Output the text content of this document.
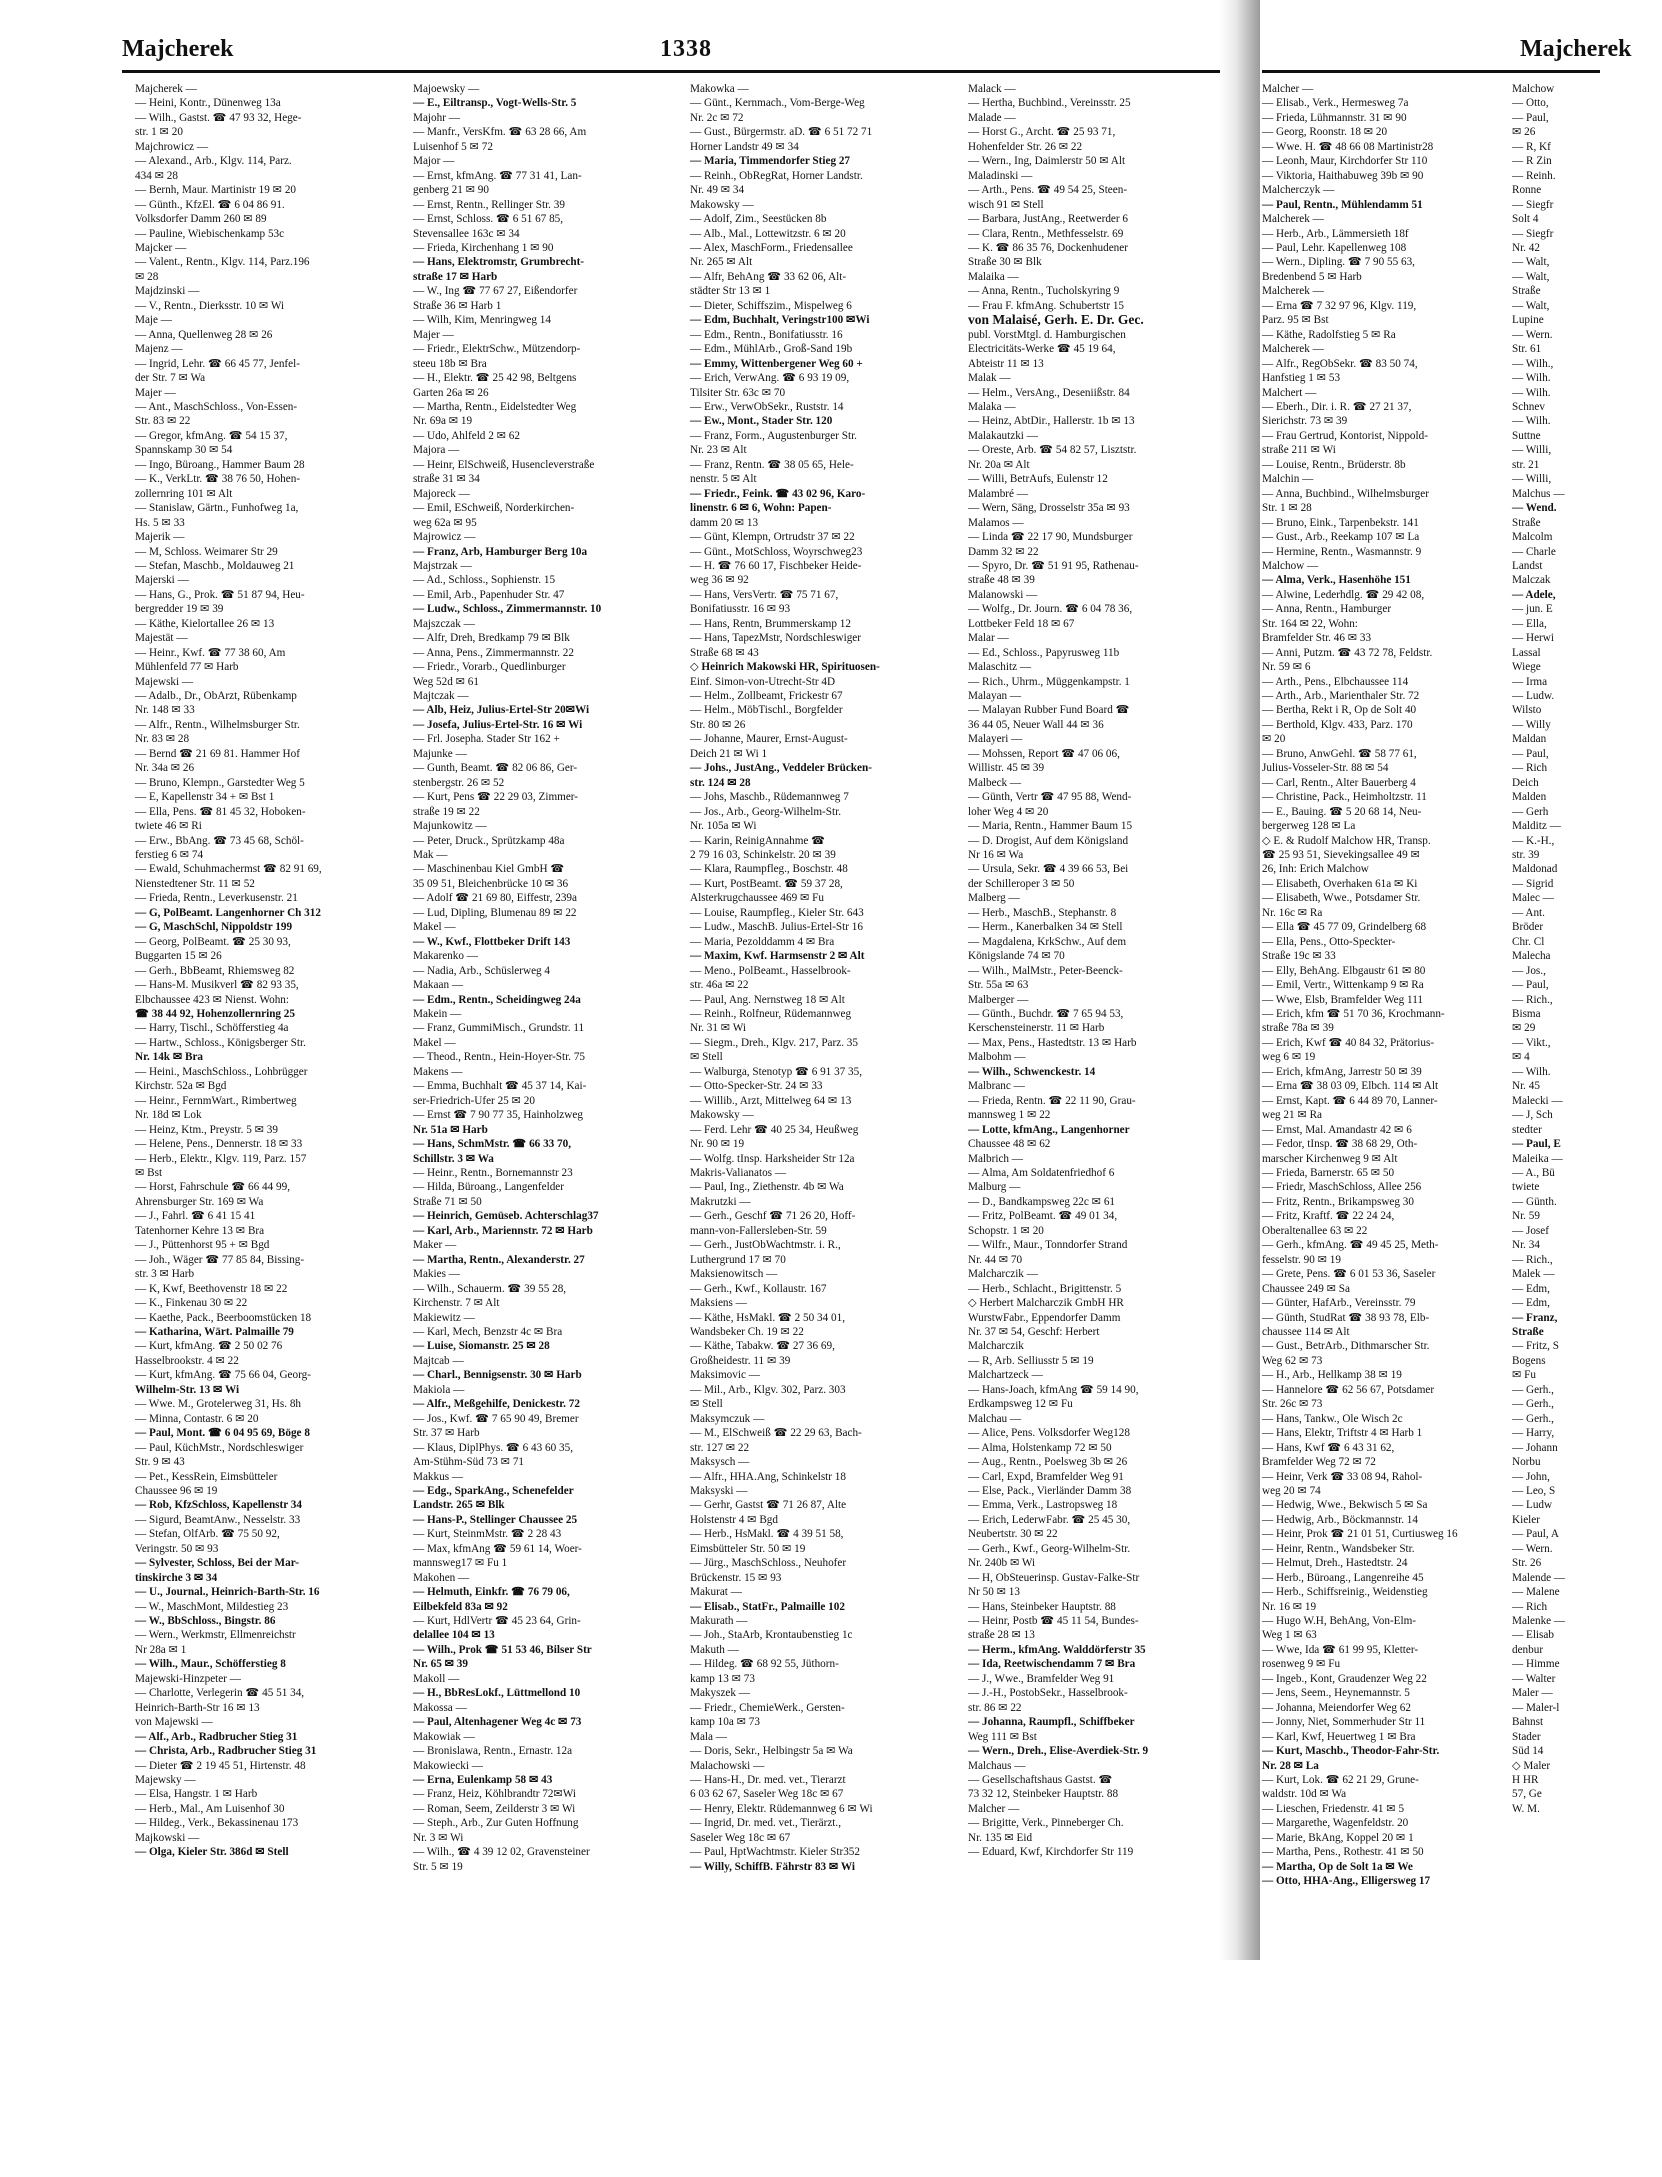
Majcherek	1338
Majcherek —
— Heini, Kontr., Dünenweg 13a
— Wilh., Gastst. ☎ 47 93 32, Hege-
str. 1 ✉ 20
Majchrowicz —
— Alexand., Arb., Klgv. 114, Parz.
434 ✉ 28
— Bernh, Maur. Martinistr 19 ✉ 20
— Günth., KfzEl. ☎ 6 04 86 91.
Volksdorfer Damm 260 ✉ 89
— Pauline, Wiebischenkamp 53c
Majcker —
— Valent., Rentn., Klgv. 114, Parz.196
✉ 28
Majdzinski —
— V., Rentn., Dierksstr. 10 ✉ Wi
Maje —
— Anna, Quellenweg 28 ✉ 26
Majenz —
— Ingrid, Lehr. ☎ 66 45 77, Jenfel-
der Str. 7 ✉ Wa
Majer —
— Ant., MaschSchloss., Von-Essen-
Str. 83 ✉ 22
— Gregor, kfmAng. ☎ 54 15 37,
Spannskamp 30 ✉ 54
— Ingo, Büroang., Hammer Baum 28
— K., VerkLtr. ☎ 38 76 50, Hohen-
zollernring 101 ✉ Alt
— Stanislaw, Gärtn., Funhofweg 1a,
Hs. 5 ✉ 33
Majerik —
— M, Schloss. Weimarer Str 29
— Stefan, Maschb., Moldauweg 21
Majerski —
— Hans, G., Prok. ☎ 51 87 94, Heu-
bergredder 19 ✉ 39
— Käthe, Kielortallee 26 ✉ 13
Majestät —
— Heinr., Kwf. ☎ 77 38 60, Am
Mühlenfeld 77 ✉ Harb
Majewski —
— Adalb., Dr., ObArzt, Rübenkamp
Nr. 148 ✉ 33
— Alfr., Rentn., Wilhelmsburger Str.
Nr. 83 ✉ 28
— Bernd ☎ 21 69 81. Hammer Hof
Nr. 34a ✉ 26
— Bruno, Klempn., Garstedter Weg 5
— E, Kapellenstr 34 + ✉ Bst 1
— Ella, Pens. ☎ 81 45 32, Hoboken-
twiete 46 ✉ Ri
— Erw., BbAng. ☎ 73 45 68, Schöl-
ferstieg 6 ✉ 74
— Ewald, Schuhmachermst ☎ 82 91 69,
Nienstedtener Str. 11 ✉ 52
— Frieda, Rentn., Leverkusenstr. 21
— G, PolBeamt. Langenhorner Ch 312
— G, MaschSchl, Nippoldstr 199
— Georg, PolBeamt. ☎ 25 30 93,
Buggarten 15 ✉ 26
— Gerh., BbBeamt, Rhiemsweg 82
— Hans-M. Musikverl ☎ 82 93 35,
Elbchaussee 423 ✉ Nienst. Wohn:
☎ 38 44 92, Hohenzollernring 25
— Harry, Tischl., Schöfferstieg 4a
— Hartw., Schloss., Königsberger Str.
Nr. 14k ✉ Bra
— Heini., MaschSchloss., Lohbrügger
Kirchstr. 52a ✉ Bgd
— Heinr., FernmWart., Rimbertweg
Nr. 18d ✉ Lok
— Heinz, Ktm., Preystr. 5 ✉ 39
— Helene, Pens., Dennerstr. 18 ✉ 33
— Herb., Elektr., Klgv. 119, Parz. 157
✉ Bst
— Horst, Fahrschule ☎ 66 44 99,
Ahrensburger Str. 169 ✉ Wa
— J., Fahrl. ☎ 6 41 15 41
Tatenhorner Kehre 13 ✉ Bra
— J., Püttenhorst 95 + ✉ Bgd
— Joh., Wäger ☎ 77 85 84, Bissing-
str. 3 ✉ Harb
— K, Kwf, Beethovenstr 18 ✉ 22
— K., Finkenau 30 ✉ 22
— Kaethe, Pack., Beerboomstücken 18
— Katharina, Wärt. Palmaille 79
— Kurt, kfmAng. ☎ 2 50 02 76
Hasselbrookstr. 4 ✉ 22
— Kurt, kfmAng. ☎ 75 66 04, Georg-
Wilhelm-Str. 13 ✉ Wi
— Wwe. M., Grotelerweg 31, Hs. 8h
— Minna, Contastr. 6 ✉ 20
— Paul, Mont. ☎ 6 04 95 69, Böge 8
— Paul, KüchMstr., Nordschleswiger
Str. 9 ✉ 43
— Pet., KessRein, Eimsbütteler
Chaussee 96 ✉ 19
— Rob, KfzSchloss, Kapellenstr 34
— Sigurd, BeamtAnw., Nesselstr. 33
— Stefan, OlfArb. ☎ 75 50 92,
Veringstr. 50 ✉ 93
— Sylvester, Schloss, Bei der Mar-
tinskirche 3 ✉ 34
— U., Journal., Heinrich-Barth-Str. 16
— W., MaschMont, Mildestieg 23
— W., BbSchloss., Bingstr. 86
— Wern., Werkmstr, Ellmenreichstr
Nr 28a ✉ 1
— Wilh., Maur., Schöfferstieg 8
Majewski-Hinzpeter —
— Charlotte, Verlegerin ☎ 45 51 34,
Heinrich-Barth-Str 16 ✉ 13
von Majewski —
— Alf., Arb., Radbrucher Stieg 31
— Christa, Arb., Radbrucher Stieg 31
— Dieter ☎ 2 19 45 51, Hirtenstr. 48
Majewsky —
— Elsa, Hangstr. 1 ✉ Harb
— Herb., Mal., Am Luisenhof 30
— Hildeg., Verk., Bekassinenau 173
Majkowski —
— Olga, Kieler Str. 386d ✉ Stell
Majoewsky —
— E., Eiltransp., Vogt-Wells-Str. 5
Majohr —
— Manfr., VersKfm. ☎ 63 28 66, Am
Luisenhof 5 ✉ 72
Major —
— Ernst, kfmAng. ☎ 77 31 41, Lan-
genberg 21 ✉ 90
— Ernst, Rentn., Rellinger Str. 39
— Ernst, Schloss. ☎ 6 51 67 85,
Stevensallee 163c ✉ 34
— Frieda, Kirchenhang 1 ✉ 90
— Hans, Elektromstr, Grumbrecht-
straße 17 ✉ Harb
— W., Ing ☎ 77 67 27, Eißendorfer
Straße 36 ✉ Harb 1
— Wilh, Kim, Menringweg 14
Majer —
— Friedr., ElektrSchw., Mützendorp-
steeu 18b ✉ Bra
— H., Elektr. ☎ 25 42 98, Beltgens
Garten 26a ✉ 26
— Martha, Rentn., Eidelstedter Weg
Nr. 69a ✉ 19
— Udo, Ahlfeld 2 ✉ 62
Majora —
— Heinr, ElSchweiß, Husencleverstraße
straße 31 ✉ 34
Majoreck —
— Emil, ESchweiß, Norderkirchen-
weg 62a ✉ 95
Majrowicz —
— Franz, Arb, Hamburger Berg 10a
Majstrzak —
— Ad., Schloss., Sophienstr. 15
— Emil, Arb., Papenhuder Str. 47
— Ludw., Schloss., Zimmermannstr. 10
Majszczak —
— Alfr, Dreh, Bredkamp 79 ✉ Blk
— Anna, Pens., Zimmermannstr. 22
— Friedr., Vorarb., Quedlinburger
Weg 52d ✉ 61
Majtczak —
— Alb, Heiz, Julius-Ertel-Str 20✉Wi
— Josefa, Julius-Ertel-Str. 16 ✉ Wi
— Frl. Josepha. Stader Str 162 +
Majunke —
— Gunth, Beamt. ☎ 82 06 86, Ger-
stenbergstr. 26 ✉ 52
— Kurt, Pens ☎ 22 29 03, Zimmer-
straße 19 ✉ 22
Majunkowitz —
— Peter, Druck., Sprützkamp 48a
Mak —
— Maschinenbau Kiel GmbH ☎
35 09 51, Bleichenbrücke 10 ✉ 36
— Adolf ☎ 21 69 80, Eiffestr, 239a
— Lud, Dipling, Blumenau 89 ✉ 22
Makel —
— W., Kwf., Flottbeker Drift 143
Makarenko —
— Nadia, Arb., Schüslerweg 4
Makaan —
— Edm., Rentn., Scheidingweg 24a
Makein —
— Franz, GummiMisch., Grundstr. 11
Makel —
— Theod., Rentn., Hein-Hoyer-Str. 75
Makens —
— Emma, Buchhalt ☎ 45 37 14, Kai-
ser-Friedrich-Ufer 25 ✉ 20
— Ernst ☎ 7 90 77 35, Hainholzweg
Nr. 51a ✉ Harb
— Hans, SchmMstr. ☎ 66 33 70,
Schillstr. 3 ✉ Wa
— Heinr., Rentn., Bornemannstr 23
— Hilda, Büroang., Langenfelder
Straße 71 ✉ 50
— Heinrich, Gemüseb. Achterschlag37
— Karl, Arb., Mariennstr. 72 ✉ Harb
Maker —
— Martha, Rentn., Alexanderstr. 27
Makies —
— Wilh., Schauerm. ☎ 39 55 28,
Kirchenstr. 7 ✉ Alt
Makiewitz —
— Karl, Mech, Benzstr 4c ✉ Bra
— Luise, Siomanstr. 25 ✉ 28
Majtcab —
— Charl., Bennigsenstr. 30 ✉ Harb
Makiola —
— Alfr., Meßgehilfe, Denickestr. 72
— Jos., Kwf. ☎ 7 65 90 49, Bremer
Str. 37 ✉ Harb
— Klaus, DiplPhys. ☎ 6 43 60 35,
Am-Stühm-Süd 73 ✉ 71
Makkus —
— Edg., SparkAng., Schenefelder
Landstr. 265 ✉ Blk
— Hans-P., Stellinger Chaussee 25
— Kurt, SteinmMstr. ☎ 2 28 43
— Max, kfmAng ☎ 59 61 14, Woer-
mannsweg17 ✉ Fu 1
Makohen —
— Helmuth, Einkfr. ☎ 76 79 06,
Eilbekfeld 83a ✉ 92
— Kurt, HdlVertr ☎ 45 23 64, Grin-
delallee 104 ✉ 13
— Wilh., Prok ☎ 51 53 46, Bilser Str
Nr. 65 ✉ 39
Makoll —
— H., BbResLokf., Lüttmellond 10
Makossa —
— Paul, Altenhagener Weg 4c ✉ 73
Makowiak —
— Bronislawa, Rentn., Ernastr. 12a
Makowiecki —
— Erna, Eulenkamp 58 ✉ 43
— Franz, Heiz, Köhlbrandtr 72✉Wi
— Roman, Seem, Zeilderstr 3 ✉ Wi
— Steph., Arb., Zur Guten Hoffnung
Nr. 3 ✉ Wi
— Wilh., ☎ 4 39 12 02, Gravensteiner
Str. 5 ✉ 19
Makowka —
— Günt., Kernmach., Vom-Berge-Weg
Nr. 2c ✉ 72
— Gust., Bürgermstr. aD. ☎ 6 51 72 71
Horner Landstr 49 ✉ 34
— Maria, Timmendorfer Stieg 27
— Reinh., ObRegRat, Horner Landstr.
Nr. 49 ✉ 34
Makowsky —
— Adolf, Zim., Seestücken 8b
— Alb., Mal., Lottewitzstr. 6 ✉ 20
— Alex, MaschForm., Friedensallee
Nr. 265 ✉ Alt
— Alfr, BehAng ☎ 33 62 06, Alt-
städter Str 13 ✉ 1
— Dieter, Schiffszim., Mispelweg 6
— Edm, Buchhalt, Veringstr100 ✉Wi
— Edm., Rentn., Bonifatiusstr. 16
— Edm., MühlArb., Groß-Sand 19b
— Emmy, Wittenbergener Weg 60 +
— Erich, VerwAng. ☎ 6 93 19 09,
Tilsiter Str. 63c ✉ 70
— Erw., VerwObSekr., Ruststr. 14
— Ew., Mont., Stader Str. 120
— Franz, Form., Augustenburger Str.
Nr. 23 ✉ Alt
— Franz, Rentn. ☎ 38 05 65, Hele-
nenstr. 5 ✉ Alt
— Friedr., Feink. ☎ 43 02 96, Karo-
linenstr. 6 ✉ 6, Wohn: Papen-
damm 20 ✉ 13
— Günt, Klempn, Ortrudstr 37 ✉ 22
— Günt., MotSchloss, Woyrschweg23
— H. ☎ 76 60 17, Fischbeker Heide-
weg 36 ✉ 92
— Hans, VersVertr. ☎ 75 71 67,
Bonifatiusstr. 16 ✉ 93
— Hans, Rentn, Brummerskamp 12
— Hans, TapezMstr, Nordschleswiger
Straße 68 ✉ 43
◇ Heinrich Makowski HR, Spirituosen-
Einf. Simon-von-Utrecht-Str 4D
— Helm., Zollbeamt, Frickestr 67
— Helm., MöbTischl., Borgfelder
Str. 80 ✉ 26
— Johanne, Maurer, Ernst-August-
Deich 21 ✉ Wi 1
— Johs., JustAng., Veddeler Brücken-
str. 124 ✉ 28
— Johs, Maschb., Rüdemannweg 7
— Jos., Arb., Georg-Wilhelm-Str.
Nr. 105a ✉ Wi
— Karin, ReinigAnnahme ☎
2 79 16 03, Schinkelstr. 20 ✉ 39
— Klara, Raumpfleg., Boschstr. 48
— Kurt, PostBeamt. ☎ 59 37 28,
Alsterkrugchaussee 469 ✉ Fu
— Louise, Raumpfleg., Kieler Str. 643
— Ludw., MaschB. Julius-Ertel-Str 16
— Maria, Pezolddamm 4 ✉ Bra
— Maxim, Kwf. Harmsenstr 2 ✉ Alt
— Meno., PolBeamt., Hasselbrook-
str. 46a ✉ 22
— Paul, Ang. Nernstweg 18 ✉ Alt
— Reinh., Rolfneur, Rüdemannweg
Nr. 31 ✉ Wi
— Siegm., Dreh., Klgv. 217, Parz. 35
✉ Stell
— Walburga, Stenotyp ☎ 6 91 37 35,
— Otto-Specker-Str. 24 ✉ 33
— Willib., Arzt, Mittelweg 64 ✉ 13
Makowsky —
— Ferd. Lehr ☎ 40 25 34, Heußweg
Nr. 90 ✉ 19
— Wolfg. tInsp. Harksheider Str 12a
Makris-Valianatos —
— Paul, Ing., Ziethenstr. 4b ✉ Wa
Makrutzki —
— Gerh., Geschf ☎ 71 26 20, Hoff-
mann-von-Fallersleben-Str. 59
— Gerh., JustObWachtmstr. i. R.,
Luthergrund 17 ✉ 70
Maksienowitsch —
— Gerh., Kwf., Kollaustr. 167
Maksiens —
— Käthe, HsMakl. ☎ 2 50 34 01,
Wandsbeker Ch. 19 ✉ 22
— Käthe, Tabakw. ☎ 27 36 69,
Großheidestr. 11 ✉ 39
Maksimovic —
— Mil., Arb., Klgv. 302, Parz. 303
✉ Stell
Maksymczuk —
— M., ElSchweiß ☎ 22 29 63, Bach-
str. 127 ✉ 22
Maksysch —
— Alfr., HHA.Ang, Schinkelstr 18
Maksyski —
— Gerhr, Gastst ☎ 71 26 87, Alte
Holstenstr 4 ✉ Bgd
— Herb., HsMakl. ☎ 4 39 51 58,
Eimsbütteler Str. 50 ✉ 19
— Jürg., MaschSchloss., Neuhofer
Brückenstr. 15 ✉ 93
Makurat —
— Elisab., StatFr., Palmaille 102
Makurath —
— Joh., StaArb, Krontaubenstieg 1c
Makuth —
— Hildeg. ☎ 68 92 55, Jüthorn-
kamp 13 ✉ 73
Makyszek —
— Friedr., ChemieWerk., Gersten-
kamp 10a ✉ 73
Mala —
— Doris, Sekr., Helbingstr 5a ✉ Wa
Malachowski —
— Hans-H., Dr. med. vet., Tierarzt
6 03 62 67, Saseler Weg 18c ✉ 67
— Henry, Elektr. Rüdemannweg 6 ✉ Wi
— Ingrid, Dr. med. vet., Tierärzt.,
Saseler Weg 18c ✉ 67
— Paul, HptWachtmstr. Kieler Str352
— Willy, SchiffB. Fährstr 83 ✉ Wi
Malack —
— Hertha, Buchbind., Vereinsstr. 25
Malade —
— Horst G., Archt. ☎ 25 93 71,
Hohenfelder Str. 26 ✉ 22
— Wern., Ing, Daimlerstr 50 ✉ Alt
Maladinski —
— Arth., Pens. ☎ 49 54 25, Steen-
wisch 91 ✉ Stell
— Barbara, JustAng., Reetwerder 6
— Clara, Rentn., Methfesselstr. 69
— K. ☎ 86 35 76, Dockenhudener
Straße 30 ✉ Blk
Malaika —
— Anna, Rentn., Tucholskyring 9
— Frau F. kfmAng. Schubertstr 15
von Malaisé, Gerh. E. Dr. Gec.
publ. VorstMtgl. d. Hamburgischen
Electricitäts-Werke ☎ 45 19 64,
Abteistr 11 ✉ 13
Malak —
— Helm., VersAng., Deseniißstr. 84
Malaka —
— Heinz, AbtDir., Hallerstr. 1b ✉ 13
Malakautzki —
— Oreste, Arb. ☎ 54 82 57, Lisztstr.
Nr. 20a ✉ Alt
— Willi, BetrAufs, Eulenstr 12
Malambré —
— Wern, Säng, Drosselstr 35a ✉ 93
Malamos —
— Linda ☎ 22 17 90, Mundsburger
Damm 32 ✉ 22
— Spyro, Dr. ☎ 51 91 95, Rathenau-
straße 48 ✉ 39
Malanowski —
— Wolfg., Dr. Journ. ☎ 6 04 78 36,
Lottbeker Feld 18 ✉ 67
Malar —
— Ed., Schloss., Papyrusweg 11b
Malaschitz —
— Rich., Uhrm., Müggenkampstr. 1
Malayan —
— Malayan Rubber Fund Board ☎
36 44 05, Neuer Wall 44 ✉ 36
Malayeri —
— Mohssen, Report ☎ 47 06 06,
Willistr. 45 ✉ 39
Malbeck —
— Günth, Vertr ☎ 47 95 88, Wend-
loher Weg 4 ✉ 20
— Maria, Rentn., Hammer Baum 15
— D. Drogist, Auf dem Königsland
Nr 16 ✉ Wa
— Ursula, Sekr. ☎ 4 39 66 53, Bei
der Schilleroper 3 ✉ 50
Malberg —
— Herb., MaschB., Stephanstr. 8
— Herm., Kanerbalken 34 ✉ Stell
— Magdalena, KrkSchw., Auf dem
Königslande 74 ✉ 70
— Wilh., MalMstr., Peter-Beenck-
Str. 55a ✉ 63
Malberger —
— Günth., Buchdr. ☎ 7 65 94 53,
Kerschensteinerstr. 11 ✉ Harb
— Max, Pens., Hastedtstr. 13 ✉ Harb
Malbohm —
— Wilh., Schwenckestr. 14
Malbranc —
— Frieda, Rentn. ☎ 22 11 90, Grau-
mannsweg 1 ✉ 22
— Lotte, kfmAng., Langenhorner
Chaussee 48 ✉ 62
Malbrich —
— Alma, Am Soldatenfriedhof 6
Malburg —
— D., Bandkampsweg 22c ✉ 61
— Fritz, PolBeamt. ☎ 49 01 34,
Schopstr. 1 ✉ 20
— Wilfr., Maur., Tonndorfer Strand
Nr. 44 ✉ 70
Malcharczik —
— Herb., Schlacht., Brigittenstr. 5
◇ Herbert Malcharczik GmbH HR
WurstwFabr., Eppendorfer Damm
Nr. 37 ✉ 54, Geschf: Herbert
Malcharczik
— R, Arb. Selliusstr 5 ✉ 19
Malchartzeck —
— Hans-Joach, kfmAng ☎ 59 14 90,
Erdkampsweg 12 ✉ Fu
Malchau —
— Alice, Pens. Volksdorfer Weg128
— Alma, Holstenkamp 72 ✉ 50
— Aug., Rentn., Poelsweg 3b ✉ 26
— Carl, Expd, Bramfelder Weg 91
— Else, Pack., Vierländer Damm 38
— Emma, Verk., Lastropsweg 18
— Erich, LederwFabr. ☎ 25 45 30,
Neubertstr. 30 ✉ 22
— Gerh., Kwf., Georg-Wilhelm-Str.
Nr. 240b ✉ Wi
— H, ObSteuerinsp. Gustav-Falke-Str
Nr 50 ✉ 13
— Hans, Steinbeker Hauptstr. 88
— Heinr, Postb ☎ 45 11 54, Bundes-
straße 28 ✉ 13
— Herm., kfmAng. Walddörferstr 35
— Ida, Reetwischendamm 7 ✉ Bra
— J., Wwe., Bramfelder Weg 91
— J.-H., PostobSekr., Hasselbrook-
str. 86 ✉ 22
— Johanna, Raumpfl., Schiffbeker
Weg 111 ✉ Bst
— Wern., Dreh., Elise-Averdiek-Str. 9
Malchaus —
— Gesellschaftshaus Gastst. ☎
73 32 12, Steinbeker Hauptstr. 88
Malcher —
— Brigitte, Verk., Pinneberger Ch.
Nr. 135 ✉ Eid
— Eduard, Kwf, Kirchdorfer Str 119
Majcherek
Malcher —
— Elisab., Verk., Hermesweg 7a
— Frieda, Lühmannstr. 31 ✉ 90
— Georg, Roonstr. 18 ✉ 20
— Wwe. H. ☎ 48 66 08 Martinistr28
— Leonh, Maur, Kirchdorfer Str 110
— Viktoria, Haithabuweg 39b ✉ 90
Malcherczyk —
— Paul, Rentn., Mühlendamm 51
Malcherek —
— Herb., Arb., Lämmersieth 18f
— Paul, Lehr. Kapellenweg 108
— Wern., Dipling. ☎ 7 90 55 63,
Bredenbend 5 ✉ Harb
Malcherek —
— Erna ☎ 7 32 97 96, Klgv. 119,
Parz. 95 ✉ Bst
— Käthe, Radolfstieg 5 ✉ Ra
Malcherek —
— Alfr., RegObSekr. ☎ 83 50 74,
Hanfstieg 1 ✉ 53
Malchert —
— Eberh., Dir. i. R. ☎ 27 21 37,
Sierichstr. 73 ✉ 39
— Frau Gertrud, Kontorist, Nippold-
straße 211 ✉ Wi
— Louise, Rentn., Brüderstr. 8b
Malchin —
— Anna, Buchbind., Wilhelmsburger
Str. 1 ✉ 28
— Bruno, Eink., Tarpenbekstr. 141
— Gust., Arb., Reekamp 107 ✉ La
— Hermine, Rentn., Wasmannstr. 9
Malchow —
— Alma, Verk., Hasenhöhe 151
— Alwine, Lederhdlg. ☎ 29 42 08,
— Anna, Rentn., Hamburger
Str. 164 ✉ 22, Wohn:
Bramfelder Str. 46 ✉ 33
— Anni, Putzm. ☎ 43 72 78, Feldstr.
Nr. 59 ✉ 6
— Arth., Pens., Elbchaussee 114
— Arth., Arb., Marienthaler Str. 72
— Bertha, Rekt i R, Op de Solt 40
— Berthold, Klgv. 433, Parz. 170
✉ 20
— Bruno, AnwGehl. ☎ 58 77 61,
Julius-Vosseler-Str. 88 ✉ 54
— Carl, Rentn., Alter Bauerberg 4
— Christine, Pack., Heimholtzstr. 11
— E., Bauing. ☎ 5 20 68 14, Neu-
bergerweg 128 ✉ La
◇ E. & Rudolf Malchow HR, Transp.
☎ 25 93 51, Sievekingsallee 49 ✉
26, Inh: Erich Malchow
— Elisabeth, Overhaken 61a ✉ Ki
— Elisabeth, Wwe., Potsdamer Str.
Nr. 16c ✉ Ra
— Ella ☎ 45 77 09, Grindelberg 68
— Ella, Pens., Otto-Speckter-
Straße 19c ✉ 33
— Elly, BehAng. Elbgaustr 61 ✉ 80
— Emil, Vertr., Wittenkamp 9 ✉ Ra
— Wwe, Elsb, Bramfelder Weg 111
— Erich, kfm ☎ 51 70 36, Krochmann-
straße 78a ✉ 39
— Erich, Kwf ☎ 40 84 32, Prätorius-
weg 6 ✉ 19
— Erich, kfmAng, Jarrestr 50 ✉ 39
— Erna ☎ 38 03 09, Elbch. 114 ✉ Alt
— Ernst, Kapt. ☎ 6 44 89 70, Lanner-
weg 21 ✉ Ra
— Ernst, Mal. Amandastr 42 ✉ 6
— Fedor, tInsp. ☎ 38 68 29, Oth-
marscher Kirchenweg 9 ✉ Alt
— Frieda, Barnerstr. 65 ✉ 50
— Friedr, MaschSchloss, Allee 256
— Fritz, Rentn., Brikampsweg 30
— Fritz, Kraftf. ☎ 22 24 24,
Oberaltenallee 63 ✉ 22
— Gerh., kfmAng. ☎ 49 45 25, Meth-
fesselstr. 90 ✉ 19
— Grete, Pens. ☎ 6 01 53 36, Saseler
Chaussee 249 ✉ Sa
— Günter, HafArb., Vereinsstr. 79
— Günth, StudRat ☎ 38 93 78, Elb-
chaussee 114 ✉ Alt
— Gust., BetrArb., Dithmarscher Str.
Weg 62 ✉ 73
— H., Arb., Hellkamp 38 ✉ 19
— Hannelore ☎ 62 56 67, Potsdamer
Str. 26c ✉ 73
— Hans, Tankw., Ole Wisch 2c
— Hans, Elektr, Triftstr 4 ✉ Harb 1
— Hans, Kwf ☎ 6 43 31 62,
Bramfelder Weg 72 ✉ 72
— Heinr, Verk ☎ 33 08 94, Rahol-
weg 20 ✉ 74
— Hedwig, Wwe., Bekwisch 5 ✉ Sa
— Hedwig, Arb., Böckmannstr. 14
— Heinr, Prok ☎ 21 01 51, Curtiusweg 16
— Heinr, Rentn., Wandsbeker Str.
— Helmut, Dreh., Hastedtstr. 24
— Herb., Büroang., Langenreihe 45
— Herb., Schiffsreinig., Weidenstieg
Nr. 16 ✉ 19
— Hugo W.H, BehAng, Von-Elm-
Weg 1 ✉ 63
— Wwe, Ida ☎ 61 99 95, Kletter-
rosenweg 9 ✉ Fu
— Ingeb., Kont, Graudenzer Weg 22
— Jens, Seem., Heynemannstr. 5
— Johanna, Meiendorfer Weg 62
— Jonny, Niet, Sommerhuder Str 11
— Karl, Kwf, Heuertweg 1 ✉ Bra
— Kurt, Maschb., Theodor-Fahr-Str.
Nr. 28 ✉ La
— Kurt, Lok. ☎ 62 21 29, Grune-
waldstr. 10d ✉ Wa
— Lieschen, Friedenstr. 41 ✉ 5
— Margarethe, Wagenfeldstr. 20
— Marie, BkAng, Koppel 20 ✉ 1
— Martha, Pens., Rothestr. 41 ✉ 50
— Martha, Op de Solt 1a ✉ We
— Otto, HHA-Ang., Elligersweg 17
Malchow
— Otto,
— Paul,
✉ 26
— R, Kf
— R Zin
— Reinh.
Ronne
— Siegfr
Solt 4
— Siegfr
Nr. 42
— Walt,
— Walt,
Straße
— Walt,
Lupine
— Wern.
Str. 61
— Wilh.,
— Wilh.
— Wilh.
Schnev
— Wilh.
Suttne
— Willi,
str. 21
— Willi,
Malchus —
— Wend.
Straße
Malcolm
— Charle
Landst
Malczak
— Adele,
— jun. E
— Ella,
— Herwi
Lassal
Wiege
— Irma
— Ludw.
Wilsto
— Willy
Maldan
— Paul,
— Rich
Deich
Malden
— Gerh
Malditz —
— K.-H.,
str. 39
Maldonad
— Sigrid
Malec —
— Ant.
Bröder
Chr. Cl
Malecha
— Jos.,
— Paul,
— Rich.,
Bisma
✉ 29
— Vikt.,
✉ 4
— Wilh.
Nr. 45
Malecki —
— J, Sch
stedter
— Paul, E
Maleika —
— A., Bü
twiete
— Günth.
Nr. 59
— Josef
Nr. 34
— Rich.,
Malek —
— Edm,
— Edm,
— Franz,
Straße
— Fritz, S
Bogens
✉ Fu
— Gerh.,
— Gerh.,
— Gerh.,
— Harry,
— Johann
Norbu
— John,
— Leo, S
— Ludw
Kieler
— Paul, A
— Wern.
Str. 26
Malende —
— Malene
— Rich
Malenke —
— Elisab
denbur
— Himme
— Walter
Maler —
— Maler-l
Bahnst
Stader
Süd 14
◇ Maler
H HR
57, Ge
W. M.
